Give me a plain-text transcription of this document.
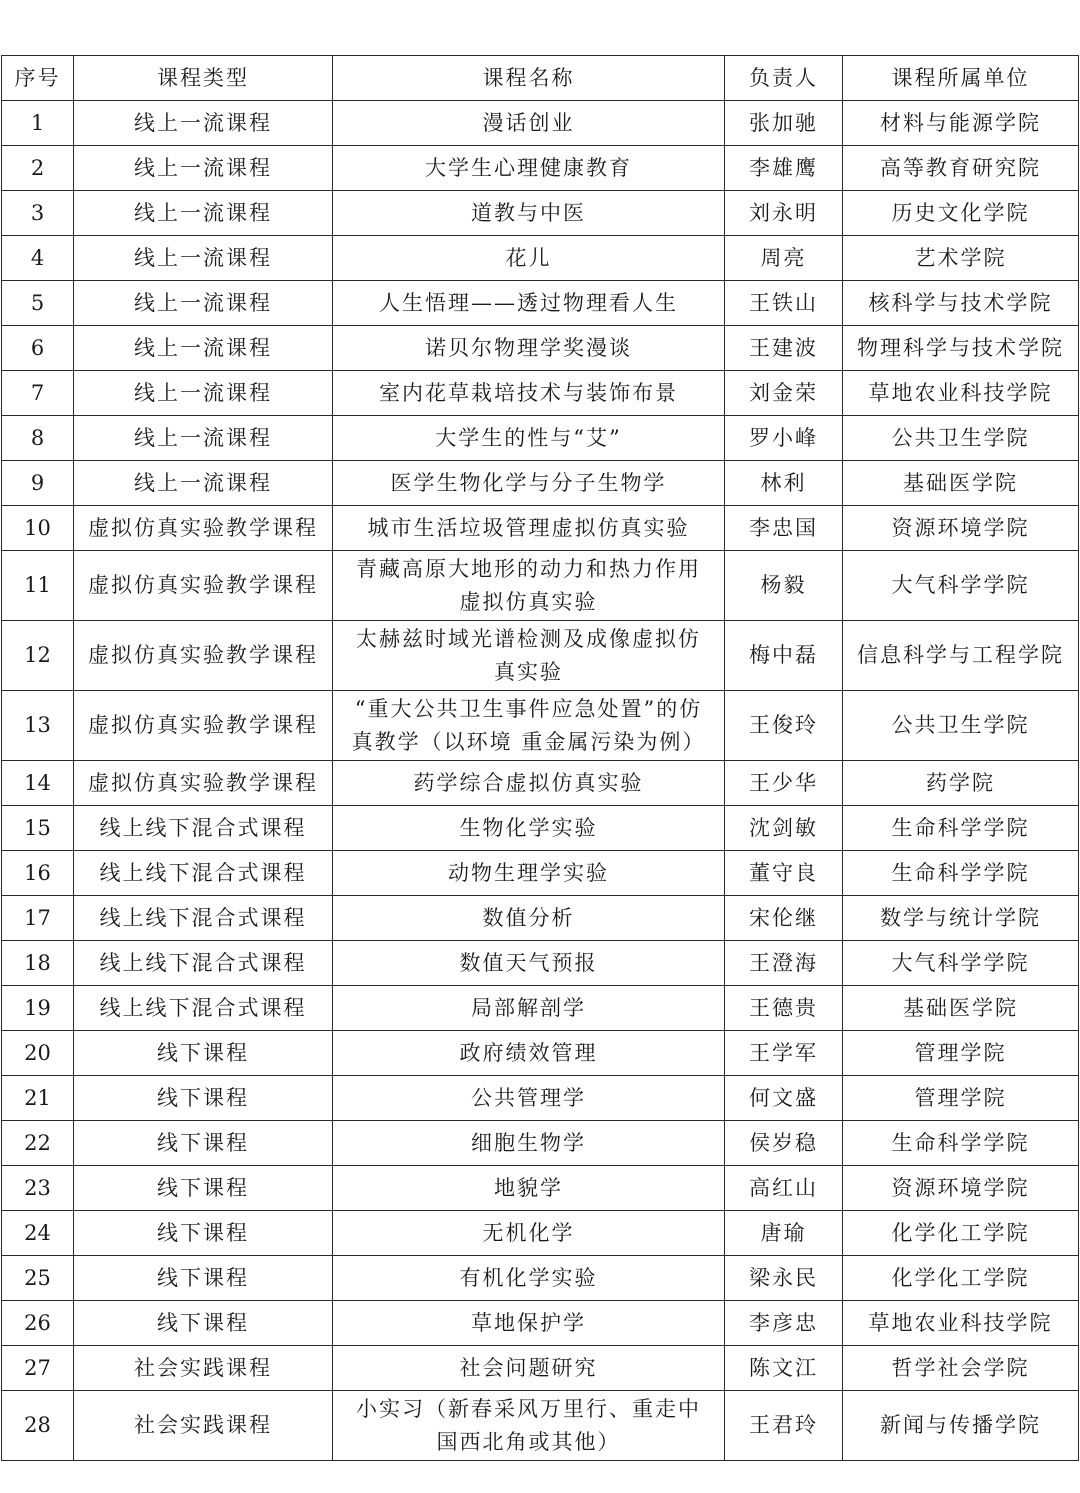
序号	课程类型	课程名称	负责人	课程所属单位
1	线上一流课程	漫话创业	张加驰	材料与能源学院
2	线上一流课程	大学生心理健康教育	李雄鹰	高等教育研究院
3	线上一流课程	道教与中医	刘永明	历史文化学院
4	线上一流课程	花儿	周亮	艺术学院
5	线上一流课程	人生悟理——透过物理看人生	王铁山	核科学与技术学院
6	线上一流课程	诺贝尔物理学奖漫谈	王建波	物理科学与技术学院
7	线上一流课程	室内花草栽培技术与装饰布景	刘金荣	草地农业科技学院
8	线上一流课程	大学生的性与“艾”	罗小峰	公共卫生学院
9	线上一流课程	医学生物化学与分子生物学	林利	基础医学院
10	虚拟仿真实验教学课程	城市生活垃圾管理虚拟仿真实验	李忠国	资源环境学院
11	虚拟仿真实验教学课程	青藏高原大地形的动力和热力作用虚拟仿真实验	杨毅	大气科学学院
12	虚拟仿真实验教学课程	太赫兹时域光谱检测及成像虚拟仿真实验	梅中磊	信息科学与工程学院
13	虚拟仿真实验教学课程	“重大公共卫生事件应急处置”的仿真教学（以环境 重金属污染为例）	王俊玲	公共卫生学院
14	虚拟仿真实验教学课程	药学综合虚拟仿真实验	王少华	药学院
15	线上线下混合式课程	生物化学实验	沈剑敏	生命科学学院
16	线上线下混合式课程	动物生理学实验	董守良	生命科学学院
17	线上线下混合式课程	数值分析	宋伦继	数学与统计学院
18	线上线下混合式课程	数值天气预报	王澄海	大气科学学院
19	线上线下混合式课程	局部解剖学	王德贵	基础医学院
20	线下课程	政府绩效管理	王学军	管理学院
21	线下课程	公共管理学	何文盛	管理学院
22	线下课程	细胞生物学	侯岁稳	生命科学学院
23	线下课程	地貌学	高红山	资源环境学院
24	线下课程	无机化学	唐瑜	化学化工学院
25	线下课程	有机化学实验	梁永民	化学化工学院
26	线下课程	草地保护学	李彦忠	草地农业科技学院
27	社会实践课程	社会问题研究	陈文江	哲学社会学院
28	社会实践课程	小实习（新春采风万里行、重走中国西北角或其他）	王君玲	新闻与传播学院
